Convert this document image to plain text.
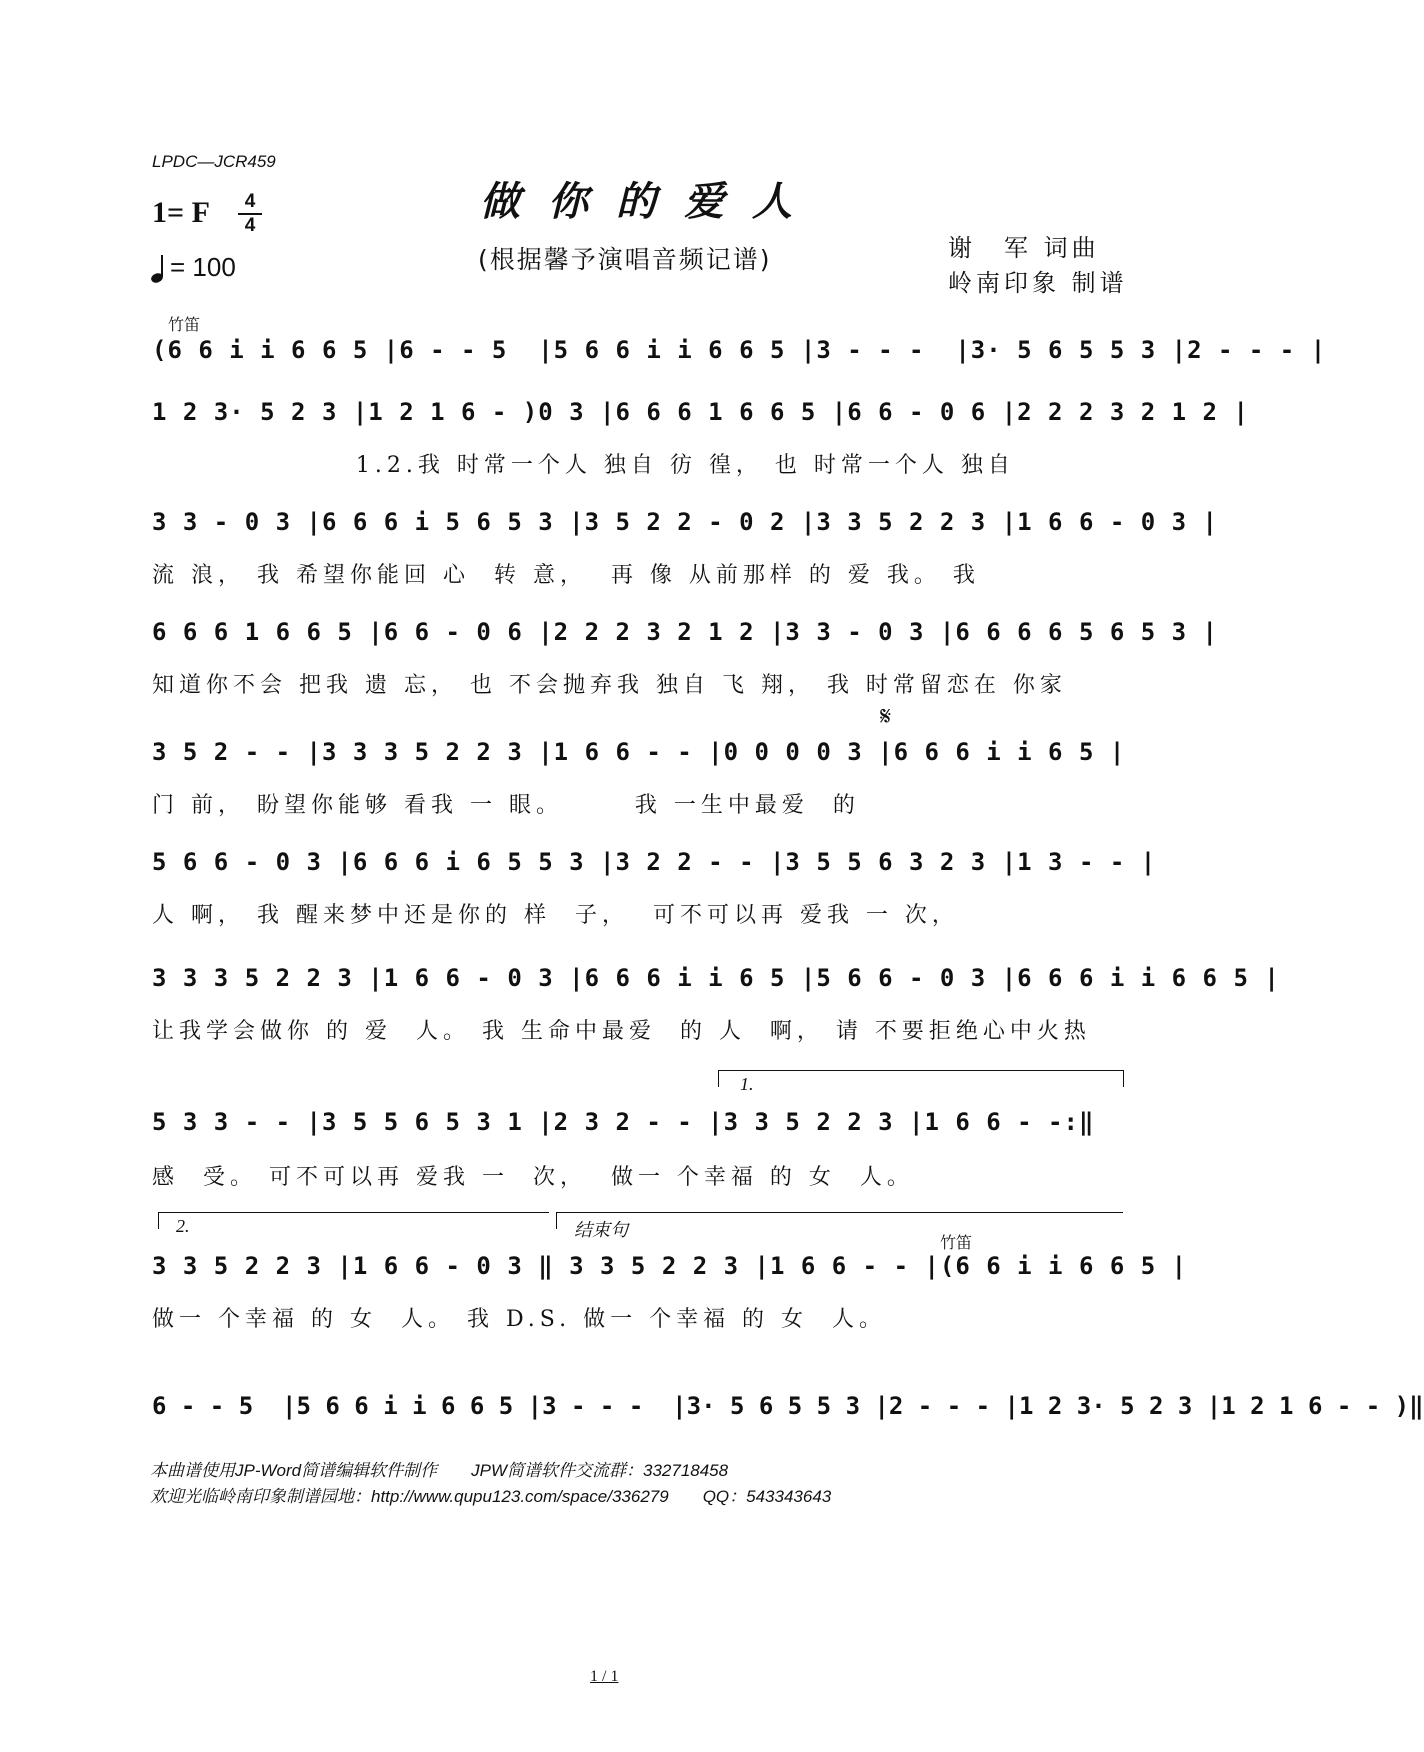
LPDC—JCR459
做你的爱人
(根据馨予演唱音频记谱)
1= F	4
4
= 100
谢　军 词曲
岭南印象 制谱
竹笛
(6 6 i i 6 6 5 |6 - - 5  |5 6 6 i i 6 6 5 |3 - - -  |3· 5 6 5 5 3 |2 - - - |
1 2 3· 5 2 3 |1 2 1 6 - )0 3 |6 6 6 1 6 6 5 |6 6 - 0 6 |2 2 2 3 2 1 2 |
1.2.我 时常一个人 独自 彷 徨， 也 时常一个人 独自
3 3 - 0 3 |6 6 6 i 5 6 5 3 |3 5 2 2 - 0 2 |3 3 5 2 2 3 |1 6 6 - 0 3 |
流 浪， 我 希望你能回 心  转 意，  再 像 从前那样 的 爱 我。 我
6 6 6 1 6 6 5 |6 6 - 0 6 |2 2 2 3 2 1 2 |3 3 - 0 3 |6 6 6 6 5 6 5 3 |
知道你不会 把我 遗 忘， 也 不会抛弃我 独自 飞 翔， 我 时常留恋在 你家
𝄋
3 5 2 - - |3 3 3 5 2 2 3 |1 6 6 - - |0 0 0 0 3 |6 6 6 i i 6 5 |
门 前， 盼望你能够 看我 一 眼。      我 一生中最爱  的
5 6 6 - 0 3 |6 6 6 i 6 5 5 3 |3 2 2 - - |3 5 5 6 3 2 3 |1 3 - - |
人 啊， 我 醒来梦中还是你的 样  子，  可不可以再 爱我 一 次，
3 3 3 5 2 2 3 |1 6 6 - 0 3 |6 6 6 i i 6 5 |5 6 6 - 0 3 |6 6 6 i i 6 6 5 |
让我学会做你 的 爱  人。 我 生命中最爱  的 人  啊， 请 不要拒绝心中火热
1.
5 3 3 - - |3 5 5 6 5 3 1 |2 3 2 - - |3 3 5 2 2 3 |1 6 6 - -:‖
感  受。 可不可以再 爱我 一  次，  做一 个幸福 的 女  人。
2.	结束句
竹笛
3 3 5 2 2 3 |1 6 6 - 0 3 ‖ 3 3 5 2 2 3 |1 6 6 - - |(6 6 i i 6 6 5 |
做一 个幸福 的 女  人。 我 D.S. 做一 个幸福 的 女  人。
6 - - 5  |5 6 6 i i 6 6 5 |3 - - -  |3· 5 6 5 5 3 |2 - - - |1 2 3· 5 2 3 |1 2 1 6 - - )‖
本曲谱使用JP-Word简谱编辑软件制作　　JPW简谱软件交流群：332718458
欢迎光临岭南印象制谱园地：http://www.qupu123.com/space/336279　　QQ：543343643
1 / 1
